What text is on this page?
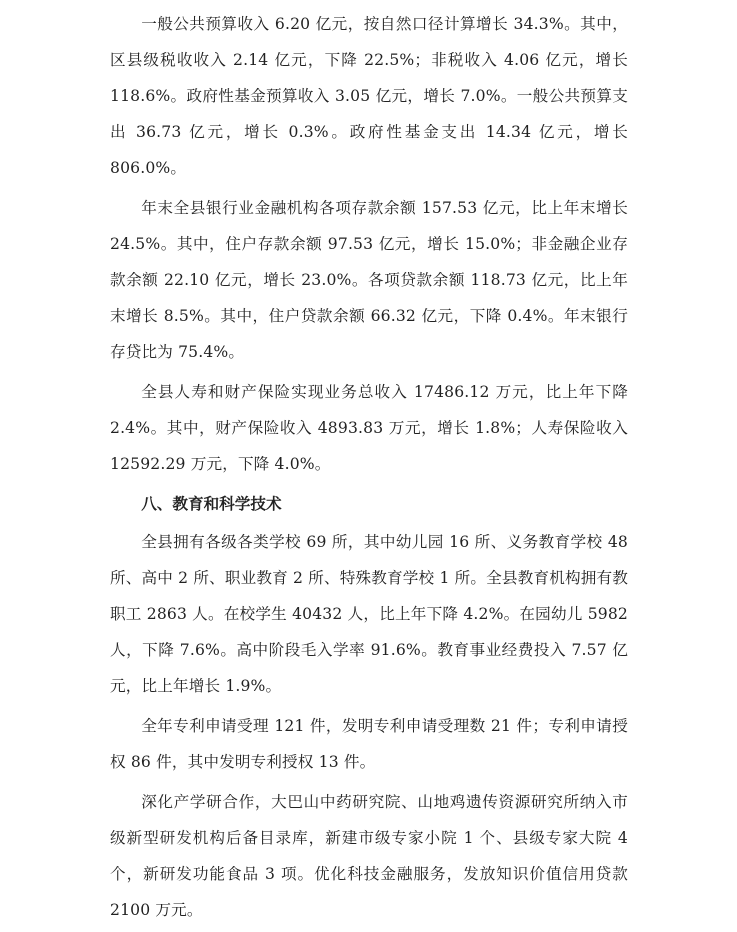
一般公共预算收入 6.20 亿元，按自然口径计算增长 34.3%。其中，区县级税收收入 2.14 亿元，下降 22.5%；非税收入 4.06 亿元，增长 118.6%。政府性基金预算收入 3.05 亿元，增长 7.0%。一般公共预算支出 36.73 亿元，增长 0.3%。政府性基金支出 14.34 亿元，增长 806.0%。

年末全县银行业金融机构各项存款余额 157.53 亿元，比上年末增长 24.5%。其中，住户存款余额 97.53 亿元，增长 15.0%；非金融企业存款余额 22.10 亿元，增长 23.0%。各项贷款余额 118.73 亿元，比上年末增长 8.5%。其中，住户贷款余额 66.32 亿元，下降 0.4%。年末银行存贷比为 75.4%。

全县人寿和财产保险实现业务总收入 17486.12 万元，比上年下降 2.4%。其中，财产保险收入 4893.83 万元，增长 1.8%；人寿保险收入 12592.29 万元，下降 4.0%。

八、教育和科学技术

全县拥有各级各类学校 69 所，其中幼儿园 16 所、义务教育学校 48 所、高中 2 所、职业教育 2 所、特殊教育学校 1 所。全县教育机构拥有教职工 2863 人。在校学生 40432 人，比上年下降 4.2%。在园幼儿 5982 人，下降 7.6%。高中阶段毛入学率 91.6%。教育事业经费投入 7.57 亿元，比上年增长 1.9%。

全年专利申请受理 121 件，发明专利申请受理数 21 件；专利申请授权 86 件，其中发明专利授权 13 件。

深化产学研合作，大巴山中药研究院、山地鸡遗传资源研究所纳入市级新型研发机构后备目录库，新建市级专家小院 1 个、县级专家大院 4 个，新研发功能食品 3 项。优化科技金融服务，发放知识价值信用贷款 2100 万元。
